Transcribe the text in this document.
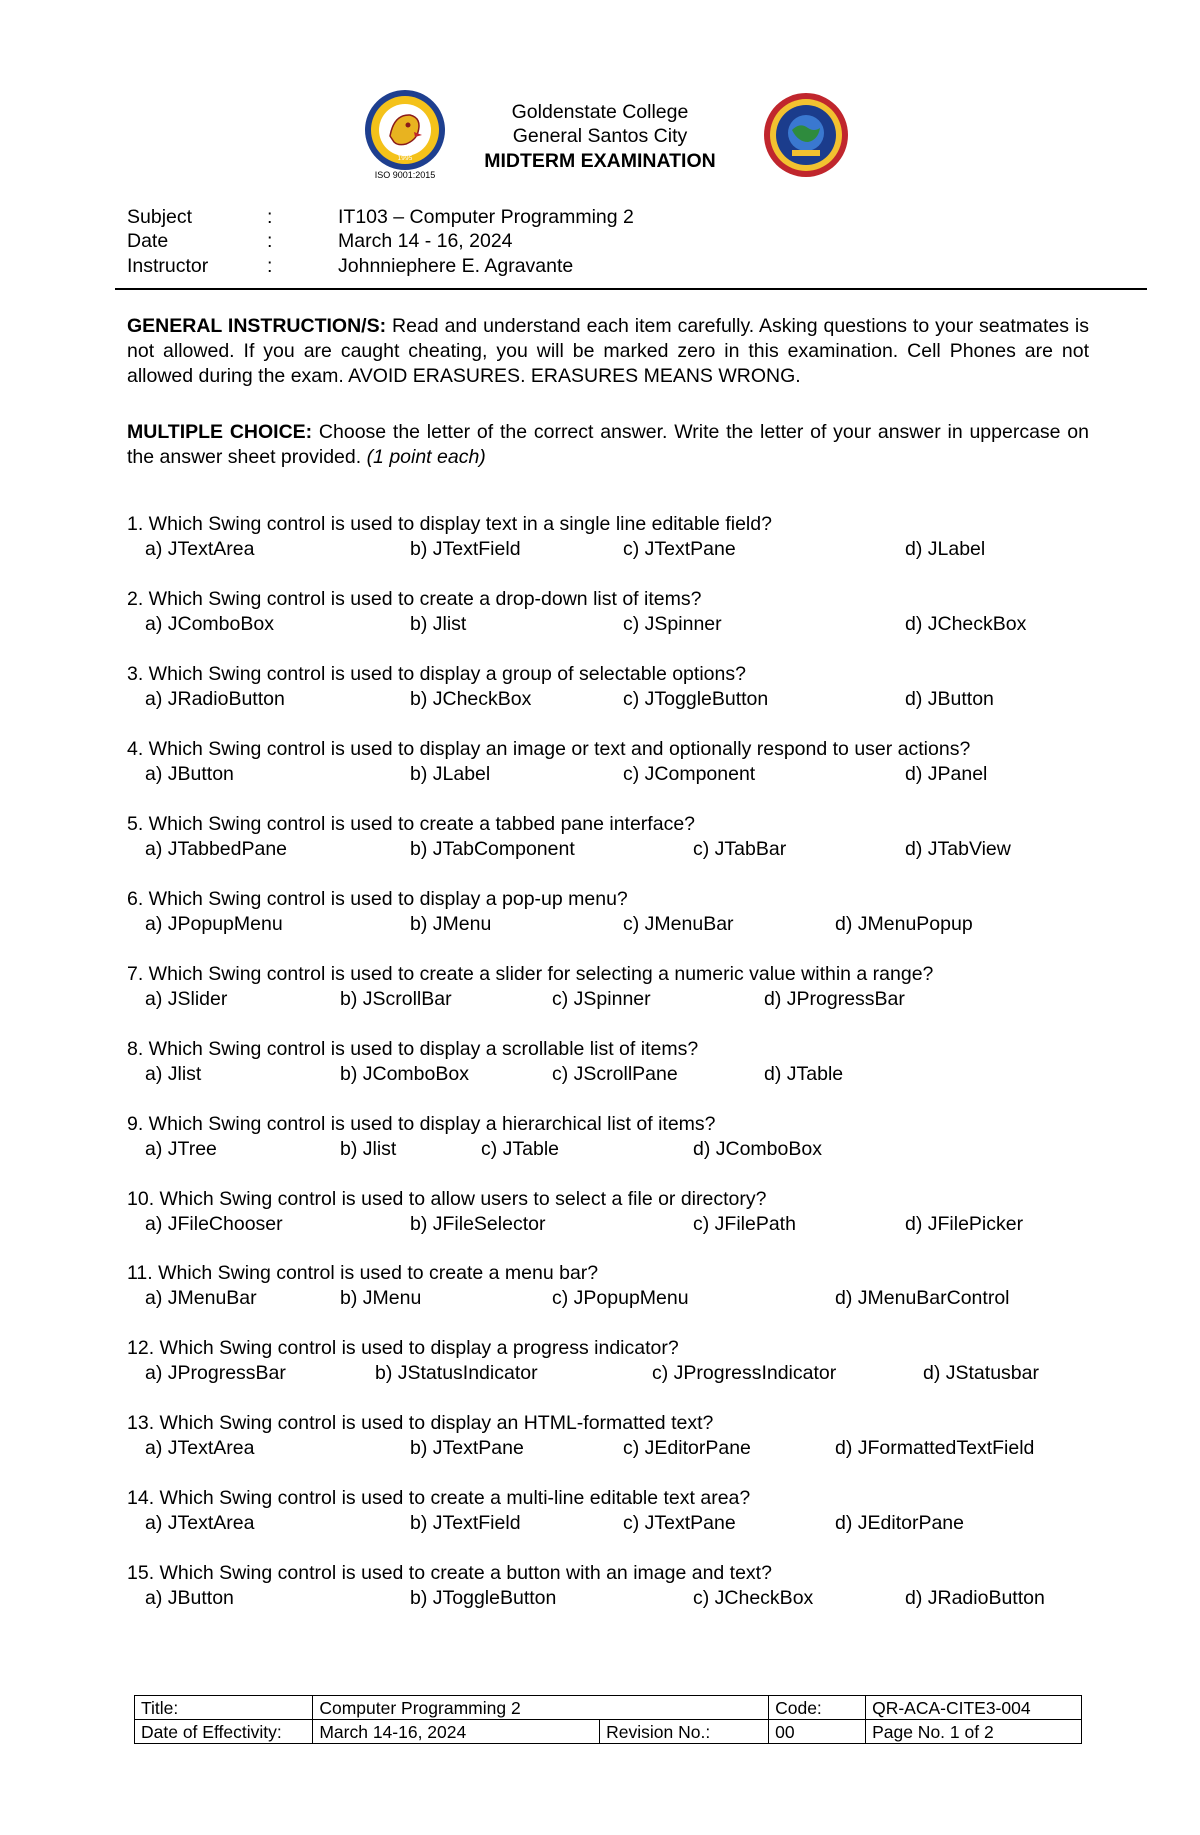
1995
ISO 9001:2015
Goldenstate College
General Santos City
MIDTERM EXAMINATION
Subject	:	IT103 – Computer Programming 2
Date	:	March 14 - 16, 2024
Instructor	:	Johnniephere E. Agravante
GENERAL INSTRUCTION/S: Read and understand each item carefully. Asking questions to your seatmates is not allowed. If you are caught cheating, you will be marked zero in this examination. Cell Phones are not allowed during the exam. AVOID ERASURES. ERASURES MEANS WRONG.
MULTIPLE CHOICE: Choose the letter of the correct answer. Write the letter of your answer in uppercase on the answer sheet provided. (1 point each)
1. Which Swing control is used to display text in a single line editable field?
a) JTextArea	b) JTextField	c) JTextPane	d) JLabel
2. Which Swing control is used to create a drop-down list of items?
a) JComboBox	b) Jlist	c) JSpinner	d) JCheckBox
3. Which Swing control is used to display a group of selectable options?
a) JRadioButton	b) JCheckBox	c) JToggleButton	d) JButton
4. Which Swing control is used to display an image or text and optionally respond to user actions?
a) JButton	b) JLabel	c) JComponent	d) JPanel
5. Which Swing control is used to create a tabbed pane interface?
a) JTabbedPane	b) JTabComponent	c) JTabBar	d) JTabView
6. Which Swing control is used to display a pop-up menu?
a) JPopupMenu	b) JMenu	c) JMenuBar	d) JMenuPopup
7. Which Swing control is used to create a slider for selecting a numeric value within a range?
a) JSlider	b) JScrollBar	c) JSpinner	d) JProgressBar
8. Which Swing control is used to display a scrollable list of items?
a) Jlist	b) JComboBox	c) JScrollPane	d) JTable
9. Which Swing control is used to display a hierarchical list of items?
a) JTree	b) Jlist	c) JTable	d) JComboBox
10. Which Swing control is used to allow users to select a file or directory?
a) JFileChooser	b) JFileSelector	c) JFilePath	d) JFilePicker
11. Which Swing control is used to create a menu bar?
a) JMenuBar	b) JMenu	c) JPopupMenu	d) JMenuBarControl
12. Which Swing control is used to display a progress indicator?
a) JProgressBar	b) JStatusIndicator	c) JProgressIndicator	d) JStatusbar
13. Which Swing control is used to display an HTML-formatted text?
a) JTextArea	b) JTextPane	c) JEditorPane	d) JFormattedTextField
14. Which Swing control is used to create a multi-line editable text area?
a) JTextArea	b) JTextField	c) JTextPane	d) JEditorPane
15. Which Swing control is used to create a button with an image and text?
a) JButton	b) JToggleButton	c) JCheckBox	d) JRadioButton
Title:	Computer Programming 2		Code:	QR-ACA-CITE3-004
Date of Effectivity:	March 14-16, 2024	Revision No.:	00	Page No. 1 of 2
